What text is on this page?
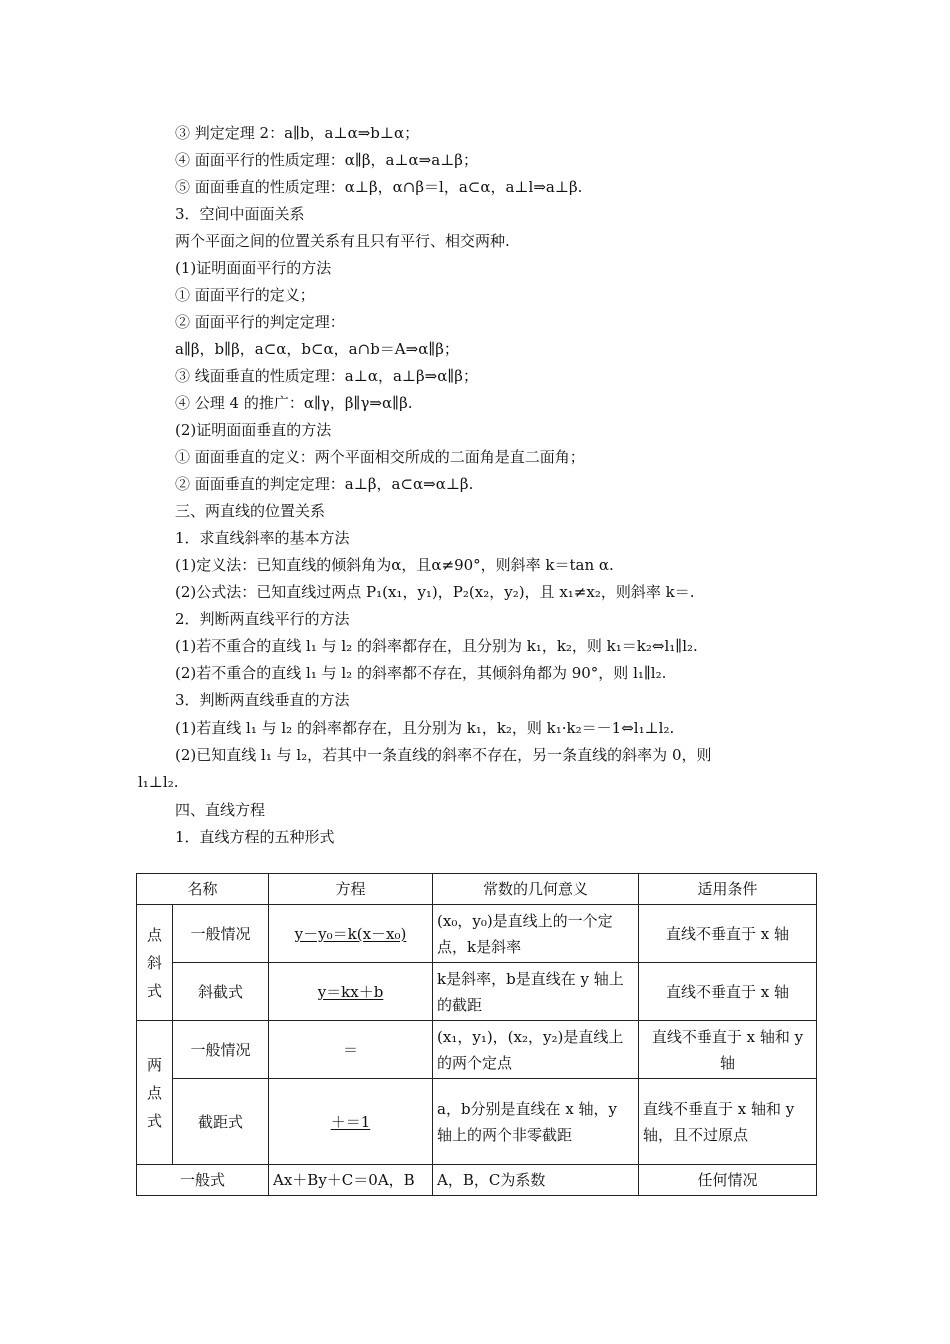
③ 判定定理 2：a∥b，a⊥α⇒b⊥α；
④ 面面平行的性质定理：α∥β，a⊥α⇒a⊥β；
⑤ 面面垂直的性质定理：α⊥β，α∩β＝l，a⊂α，a⊥l⇒a⊥β.
3．空间中面面关系
两个平面之间的位置关系有且只有平行、相交两种.
(1)证明面面平行的方法
① 面面平行的定义；
② 面面平行的判定定理：
a∥β，b∥β，a⊂α，b⊂α，a∩b＝A⇒α∥β；
③ 线面垂直的性质定理：a⊥α，a⊥β⇒α∥β；
④ 公理 4 的推广：α∥γ，β∥γ⇒α∥β.
(2)证明面面垂直的方法
① 面面垂直的定义：两个平面相交所成的二面角是直二面角；
② 面面垂直的判定定理：a⊥β，a⊂α⇒α⊥β.
三、两直线的位置关系
1．求直线斜率的基本方法
(1)定义法：已知直线的倾斜角为α，且α≠90°，则斜率 k＝tan α.
(2)公式法：已知直线过两点 P₁(x₁，y₁)，P₂(x₂，y₂)，且 x₁≠x₂，则斜率 k＝.
2．判断两直线平行的方法
(1)若不重合的直线 l₁ 与 l₂ 的斜率都存在，且分别为 k₁，k₂，则 k₁＝k₂⇔l₁∥l₂.
(2)若不重合的直线 l₁ 与 l₂ 的斜率都不存在，其倾斜角都为 90°，则 l₁∥l₂.
3．判断两直线垂直的方法
(1)若直线 l₁ 与 l₂ 的斜率都存在，且分别为 k₁，k₂，则 k₁·k₂＝－1⇔l₁⊥l₂.
(2)已知直线 l₁ 与 l₂，若其中一条直线的斜率不存在，另一条直线的斜率为 0，则
l₁⊥l₂.
四、直线方程
1．直线方程的五种形式
名称		方程	常数的几何意义	适用条件
点斜式	一般情况	y－y₀＝k(x－x₀)	(x₀，y₀)是直线上的一个定点，k是斜率	直线不垂直于 x 轴
	斜截式	y＝kx＋b	k是斜率，b是直线在 y 轴上的截距	直线不垂直于 x 轴
两点式	一般情况	＝	(x₁，y₁)，(x₂，y₂)是直线上的两个定点	直线不垂直于 x 轴和 y 轴
	截距式	＋＝1	a，b分别是直线在 x 轴，y 轴上的两个非零截距	直线不垂直于 x 轴和 y 轴，且不过原点
一般式		Ax＋By＋C＝0A，B	A，B，C为系数	任何情况
